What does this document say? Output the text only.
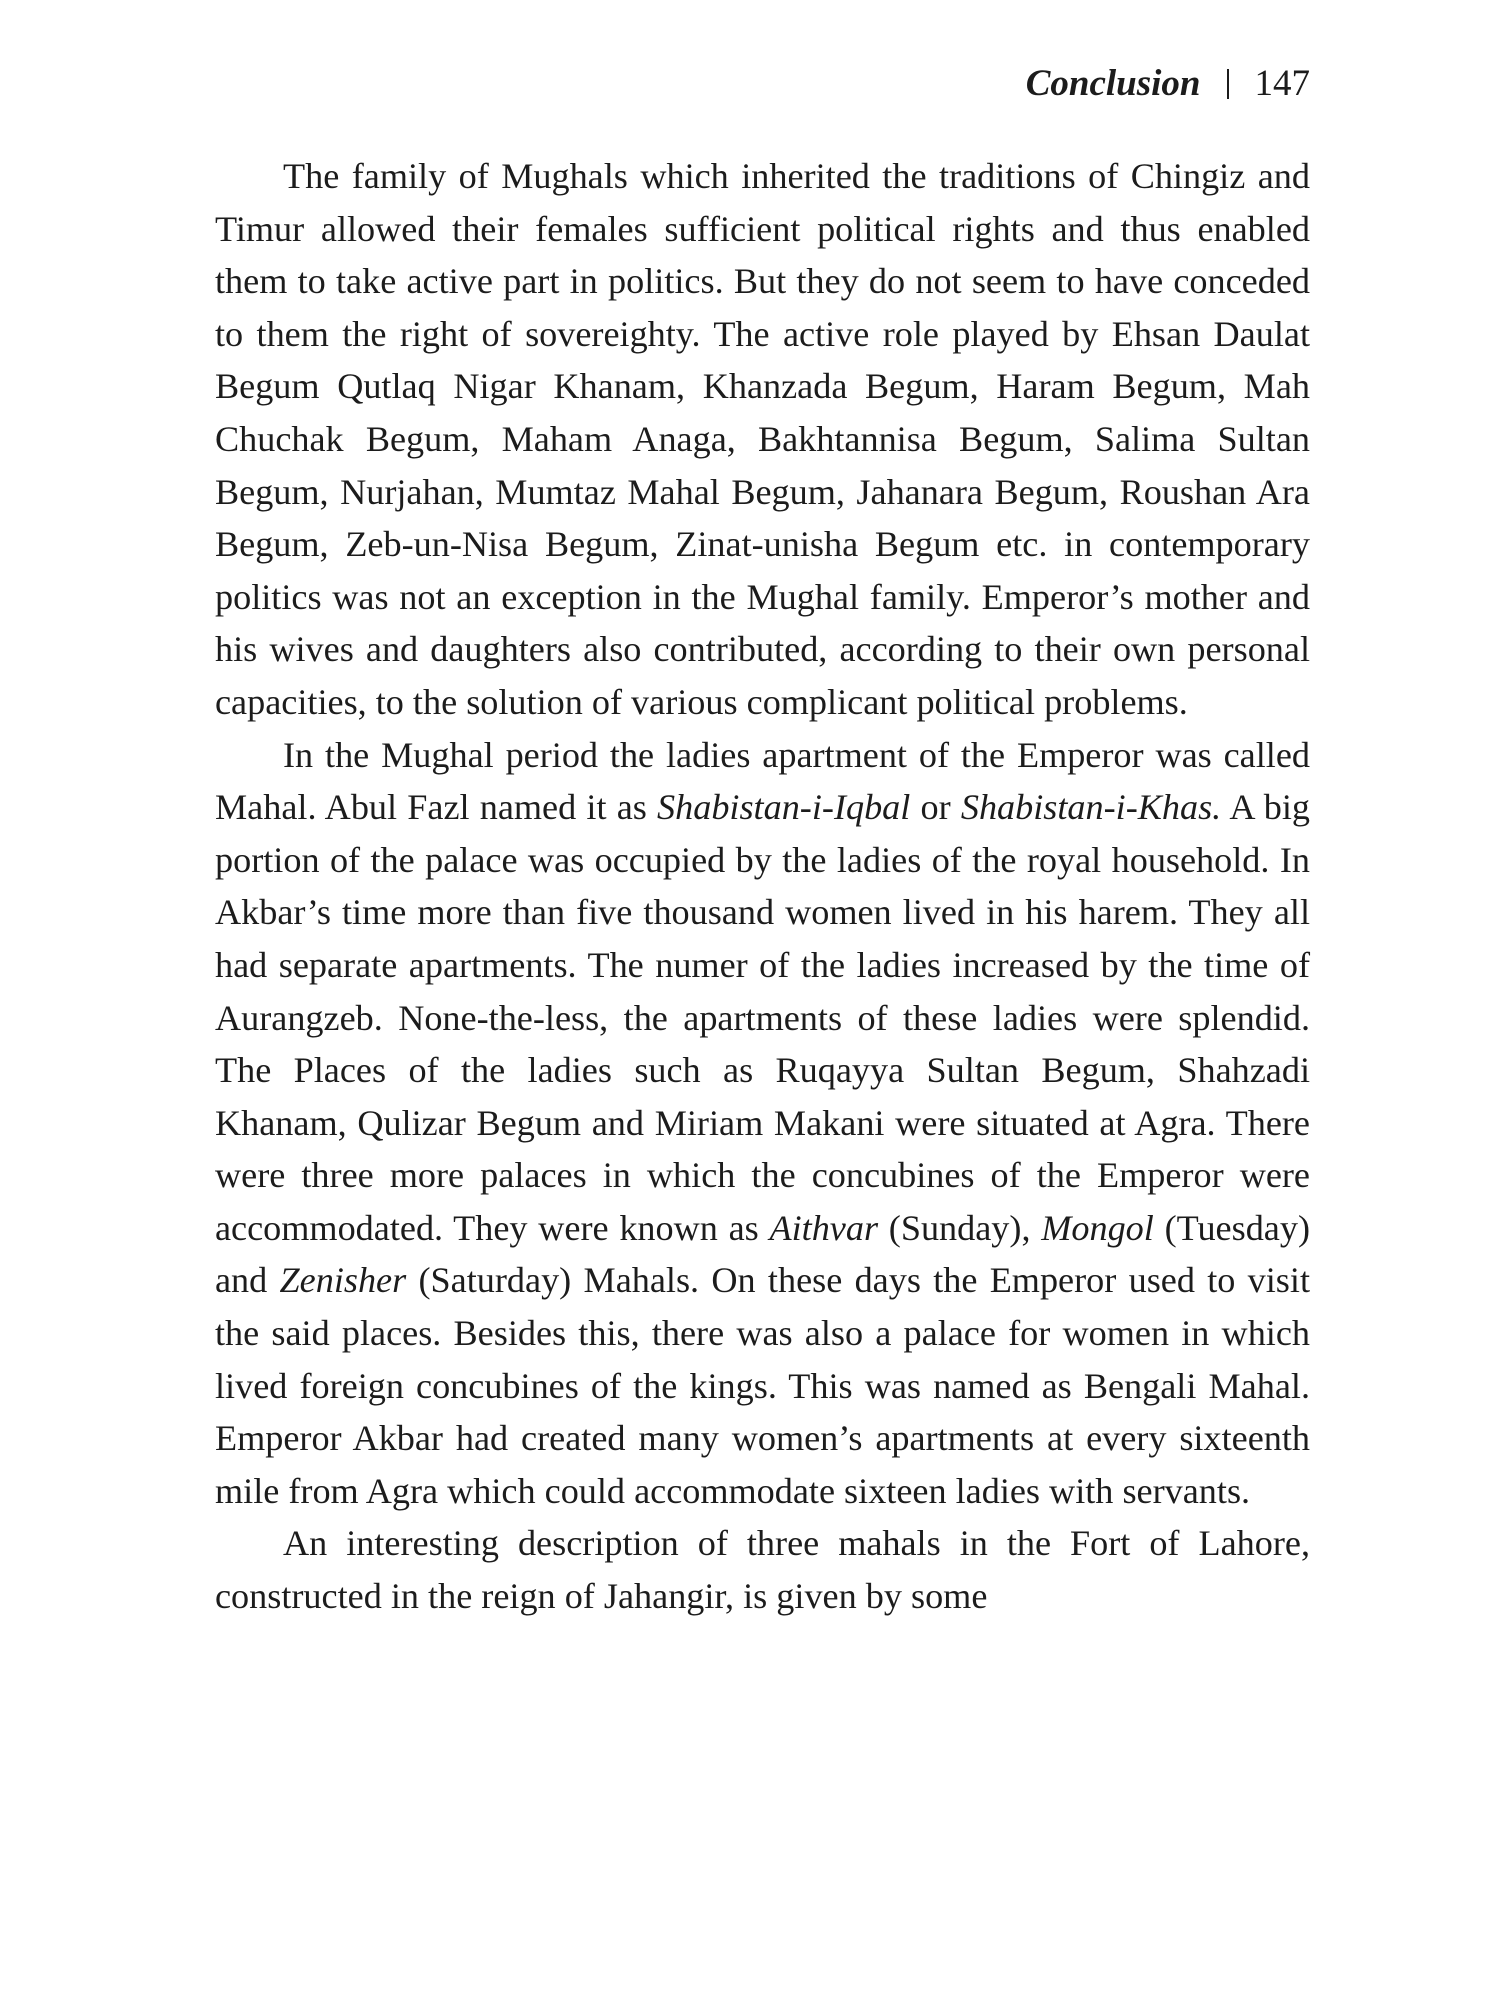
Conclusion 147

The family of Mughals which inherited the traditions of Chingiz and Timur allowed their females sufficient political rights and thus enabled them to take active part in politics. But they do not seem to have conceded to them the right of sovereighty. The active role played by Ehsan Daulat Begum Qutlaq Nigar Khanam, Khanzada Begum, Haram Begum, Mah Chuchak Begum, Maham Anaga, Bakhtannisa Begum, Salima Sultan Begum, Nurjahan, Mumtaz Mahal Begum, Jahanara Begum, Roushan Ara Begum, Zeb-un-Nisa Begum, Zinat-unisha Begum etc. in contemporary politics was not an exception in the Mughal family. Emperor’s mother and his wives and daughters also contributed, according to their own personal capacities, to the solution of various complicant political problems.

In the Mughal period the ladies apartment of the Emperor was called Mahal. Abul Fazl named it as Shabistan-i-Iqbal or Shabistan-i-Khas. A big portion of the palace was occupied by the ladies of the royal household. In Akbar’s time more than five thousand women lived in his harem. They all had separate apartments. The numer of the ladies increased by the time of Aurangzeb. None-the-less, the apartments of these ladies were splendid. The Places of the ladies such as Ruqayya Sultan Begum, Shahzadi Khanam, Qulizar Begum and Miriam Makani were situated at Agra. There were three more palaces in which the concubines of the Emperor were accommodated. They were known as Aithvar (Sunday), Mongol (Tuesday) and Zenisher (Saturday) Mahals. On these days the Emperor used to visit the said places. Besides this, there was also a palace for women in which lived foreign concubines of the kings. This was named as Bengali Mahal. Emperor Akbar had created many women’s apartments at every sixteenth mile from Agra which could accommodate sixteen ladies with servants.

An interesting description of three mahals in the Fort of Lahore, constructed in the reign of Jahangir, is given by some
